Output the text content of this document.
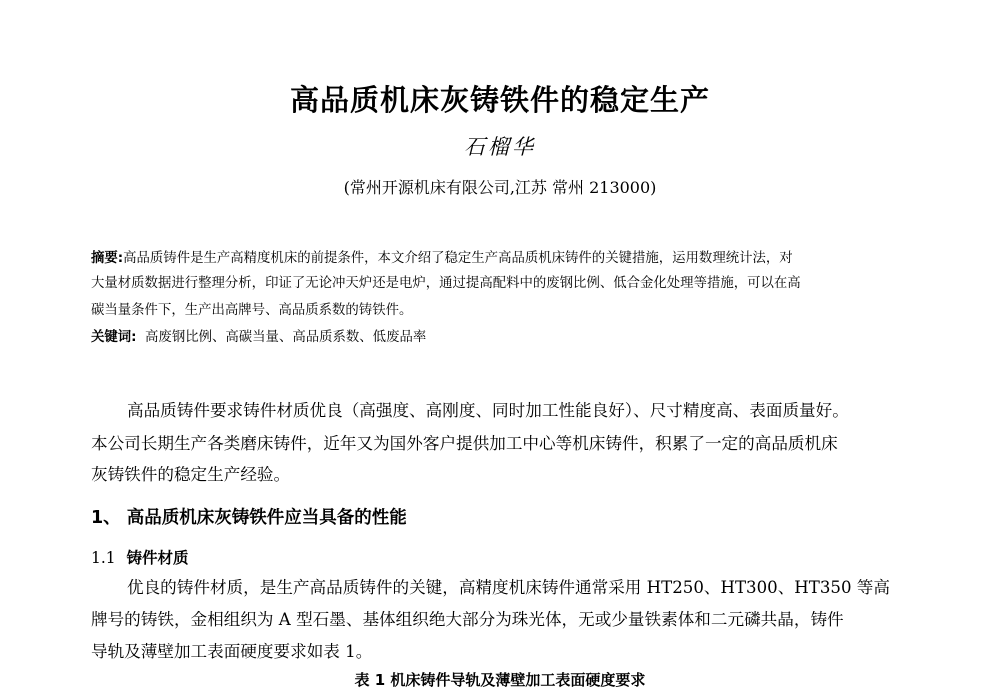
高品质机床灰铸铁件的稳定生产
石榴华
(常州开源机床有限公司,江苏 常州 213000)
摘要:高品质铸件是生产高精度机床的前提条件，本文介绍了稳定生产高品质机床铸件的关键措施，运用数理统计法，对
大量材质数据进行整理分析，印证了无论冲天炉还是电炉，通过提高配料中的废钢比例、低合金化处理等措施，可以在高
碳当量条件下，生产出高牌号、高品质系数的铸铁件。
关键词: 高废钢比例、高碳当量、高品质系数、低废品率
高品质铸件要求铸件材质优良（高强度、高刚度、同时加工性能良好）、尺寸精度高、表面质量好。
本公司长期生产各类磨床铸件，近年又为国外客户提供加工中心等机床铸件，积累了一定的高品质机床
灰铸铁件的稳定生产经验。
1、 高品质机床灰铸铁件应当具备的性能
1.1 铸件材质
优良的铸件材质，是生产高品质铸件的关键，高精度机床铸件通常采用 HT250、HT300、HT350 等高
牌号的铸铁，金相组织为 A 型石墨、基体组织绝大部分为珠光体，无或少量铁素体和二元磷共晶，铸件
导轨及薄壁加工表面硬度要求如表 1。
表 1 机床铸件导轨及薄壁加工表面硬度要求
